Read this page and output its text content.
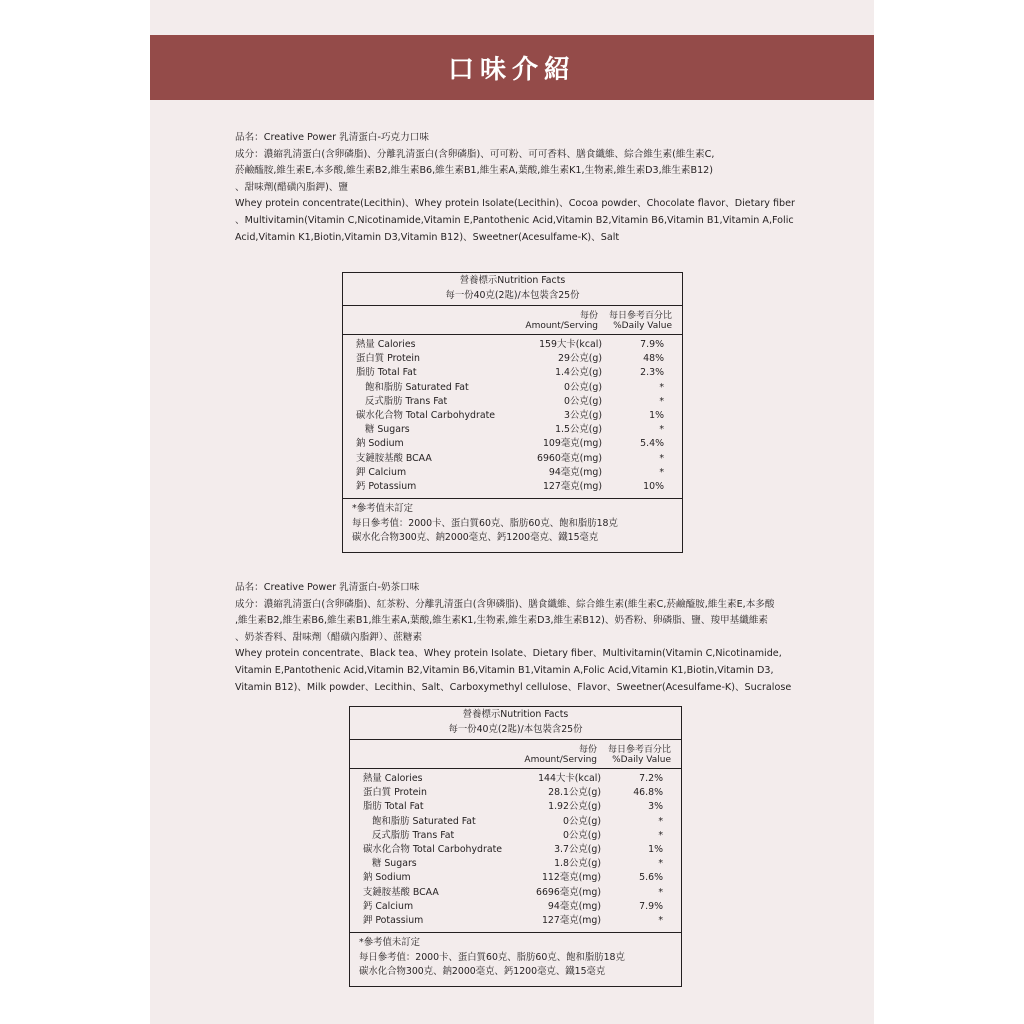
口味介紹
品名：Creative Power 乳清蛋白-巧克力口味
成分：濃縮乳清蛋白(含卵磷脂)、分離乳清蛋白(含卵磷脂)、可可粉、可可香料、膳食纖維、綜合維生素(維生素C,
菸鹼醯胺,維生素E,本多酸,維生素B2,維生素B6,維生素B1,維生素A,葉酸,維生素K1,生物素,維生素D3,維生素B12)
、甜味劑(醋磺內脂鉀)、鹽
Whey protein concentrate(Lecithin)、Whey protein Isolate(Lecithin)、Cocoa powder、Chocolate flavor、Dietary fiber
、Multivitamin(Vitamin C,Nicotinamide,Vitamin E,Pantothenic Acid,Vitamin B2,Vitamin B6,Vitamin B1,Vitamin A,Folic
Acid,Vitamin K1,Biotin,Vitamin D3,Vitamin B12)、Sweetner(Acesulfame-K)、Salt
營養標示Nutrition Facts
每一份40克(2匙)/本包裝含25份
每份
Amount/Serving
每日參考百分比
%Daily Value
熱量 Calories	159大卡(kcal)	7.9%
蛋白質 Protein	29公克(g)	48%
脂肪 Total Fat	1.4公克(g)	2.3%
飽和脂肪 Saturated Fat	0公克(g)	*
反式脂肪 Trans Fat	0公克(g)	*
碳水化合物 Total Carbohydrate	3公克(g)	1%
糖 Sugars	1.5公克(g)	*
鈉 Sodium	109毫克(mg)	5.4%
支鏈胺基酸 BCAA	6960毫克(mg)	*
鉀 Calcium	94毫克(mg)	*
鈣 Potassium	127毫克(mg)	10%
*參考值未訂定
每日參考值：2000卡、蛋白質60克、脂肪60克、飽和脂肪18克
碳水化合物300克、鈉2000毫克、鈣1200毫克、鐵15毫克
品名：Creative Power 乳清蛋白-奶茶口味
成分：濃縮乳清蛋白(含卵磷脂)、紅茶粉、分離乳清蛋白(含卵磷脂)、膳食纖維、綜合維生素(維生素C,菸鹼醯胺,維生素E,本多酸
,維生素B2,維生素B6,維生素B1,維生素A,葉酸,維生素K1,生物素,維生素D3,維生素B12)、奶香粉、卵磷脂、鹽、羧甲基纖維素
、奶茶香料、甜味劑（醋磺內脂鉀）、蔗糖素
Whey protein concentrate、Black tea、Whey protein Isolate、Dietary fiber、Multivitamin(Vitamin C,Nicotinamide,
Vitamin E,Pantothenic Acid,Vitamin B2,Vitamin B6,Vitamin B1,Vitamin A,Folic Acid,Vitamin K1,Biotin,Vitamin D3,
Vitamin B12)、Milk powder、Lecithin、Salt、Carboxymethyl cellulose、Flavor、Sweetner(Acesulfame-K)、Sucralose
營養標示Nutrition Facts
每一份40克(2匙)/本包裝含25份
每份
Amount/Serving
每日參考百分比
%Daily Value
熱量 Calories	144大卡(kcal)	7.2%
蛋白質 Protein	28.1公克(g)	46.8%
脂肪 Total Fat	1.92公克(g)	3%
飽和脂肪 Saturated Fat	0公克(g)	*
反式脂肪 Trans Fat	0公克(g)	*
碳水化合物 Total Carbohydrate	3.7公克(g)	1%
糖 Sugars	1.8公克(g)	*
鈉 Sodium	112毫克(mg)	5.6%
支鏈胺基酸 BCAA	6696毫克(mg)	*
鈣 Calcium	94毫克(mg)	7.9%
鉀 Potassium	127毫克(mg)	*
*參考值未訂定
每日參考值：2000卡、蛋白質60克、脂肪60克、飽和脂肪18克
碳水化合物300克、鈉2000毫克、鈣1200毫克、鐵15毫克
